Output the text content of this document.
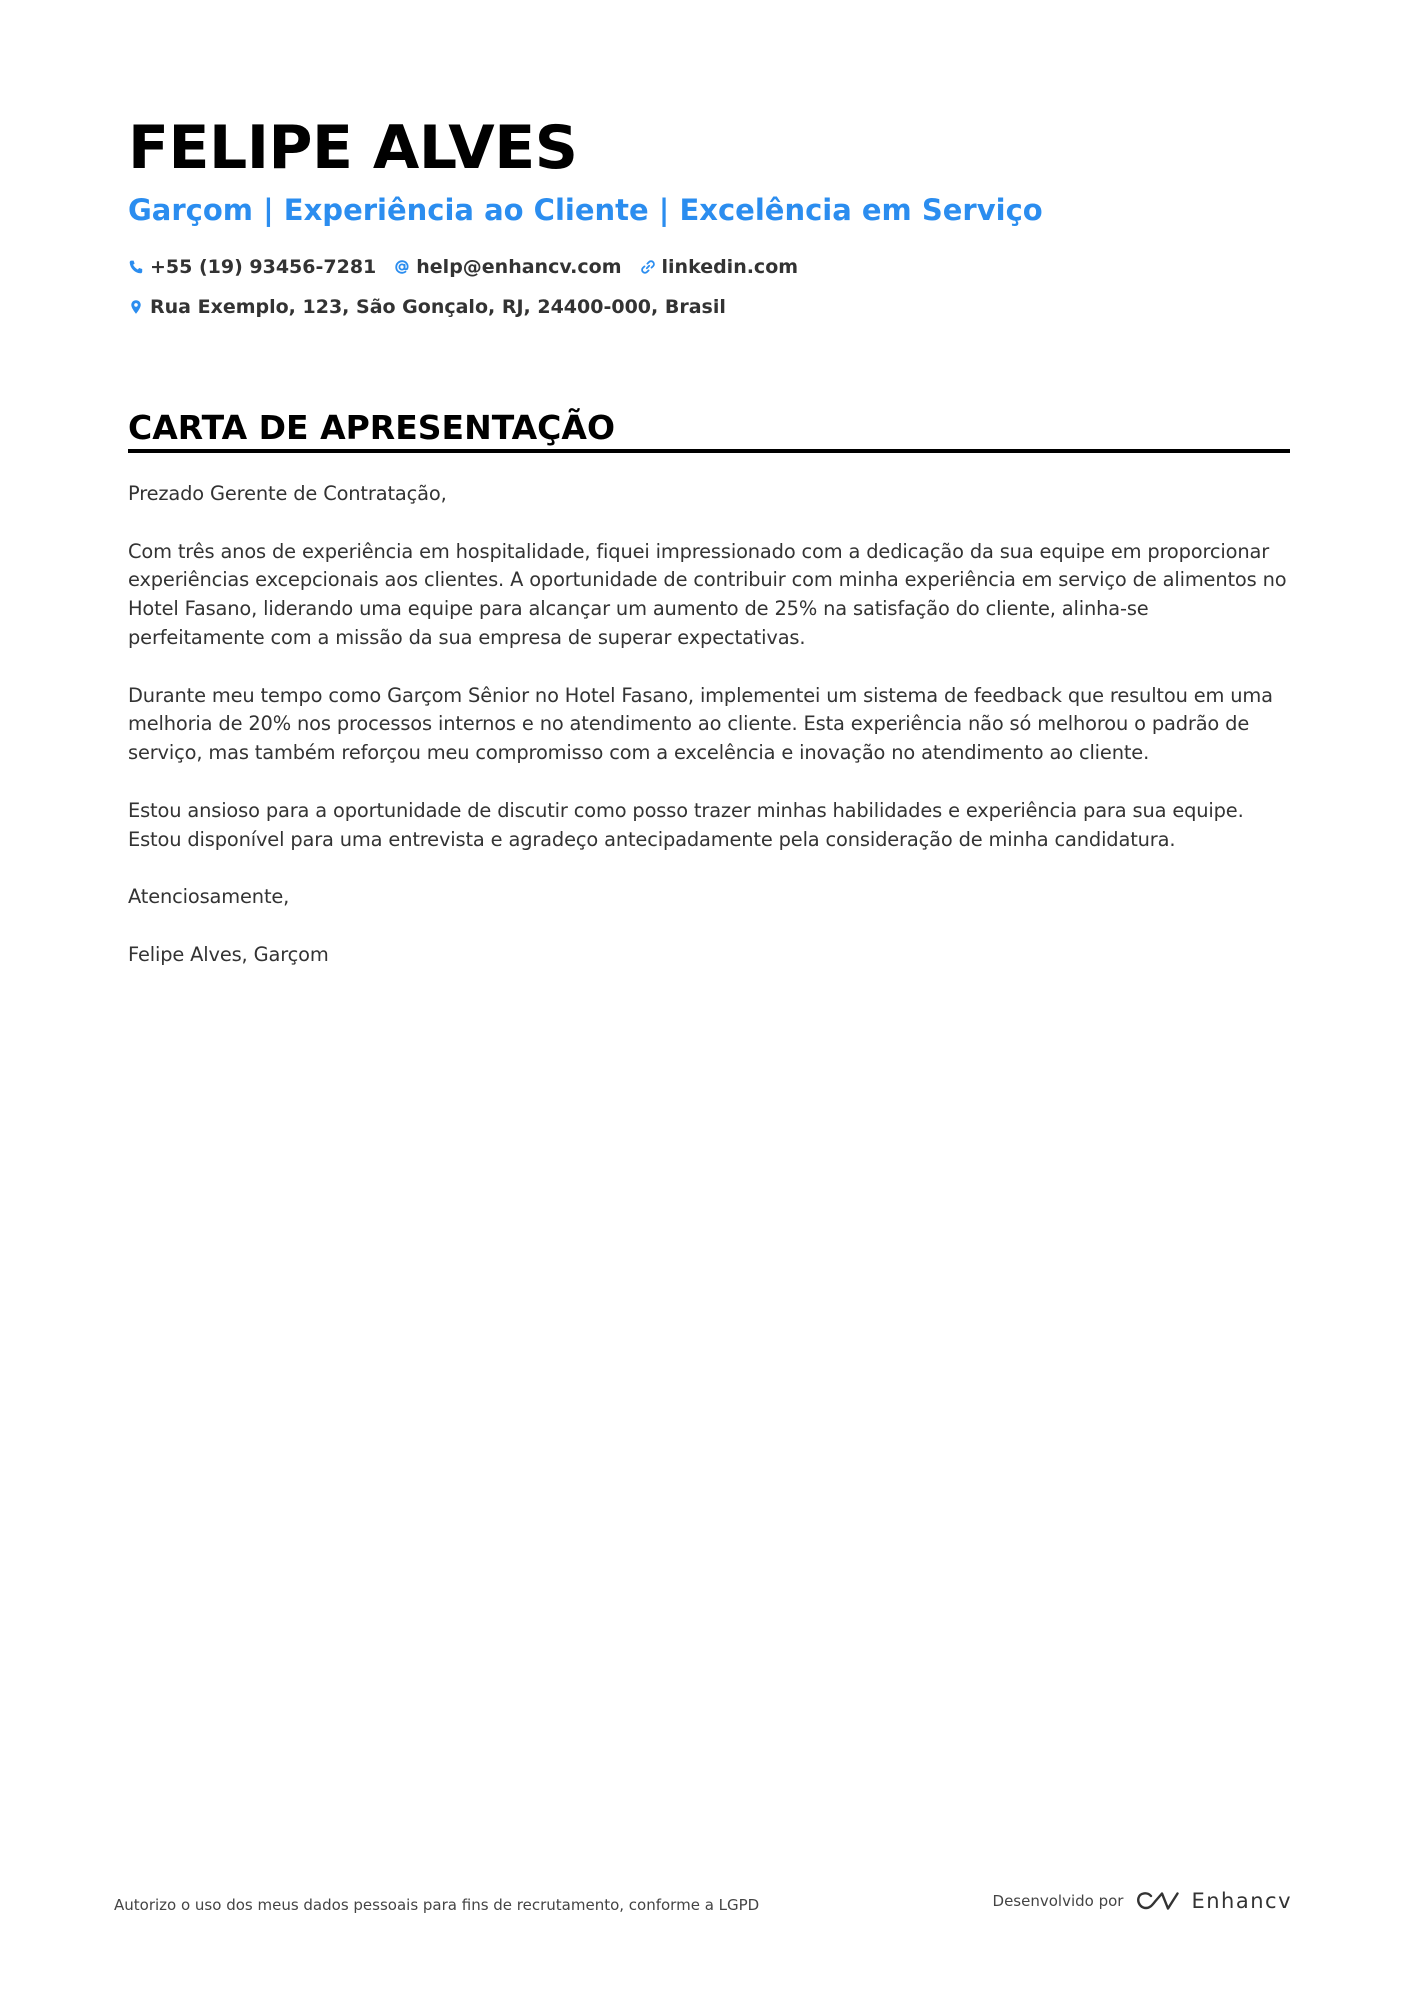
FELIPE ALVES
Garçom | Experiência ao Cliente | Excelência em Serviço
+55 (19) 93456-7281 help@enhancv.com linkedin.com
Rua Exemplo, 123, São Gonçalo, RJ, 24400-000, Brasil
CARTA DE APRESENTAÇÃO

Prezado Gerente de Contratação,

Com três anos de experiência em hospitalidade, fiquei impressionado com a dedicação da sua equipe em proporcionar experiências excepcionais aos clientes. A oportunidade de contribuir com minha experiência em serviço de alimentos no Hotel Fasano, liderando uma equipe para alcançar um aumento de 25% na satisfação do cliente, alinha-se perfeitamente com a missão da sua empresa de superar expectativas.

Durante meu tempo como Garçom Sênior no Hotel Fasano, implementei um sistema de feedback que resultou em uma melhoria de 20% nos processos internos e no atendimento ao cliente. Esta experiência não só melhorou o padrão de serviço, mas também reforçou meu compromisso com a excelência e inovação no atendimento ao cliente.

Estou ansioso para a oportunidade de discutir como posso trazer minhas habilidades e experiência para sua equipe. Estou disponível para uma entrevista e agradeço antecipadamente pela consideração de minha candidatura.

Atenciosamente,

Felipe Alves, Garçom

Autorizo o uso dos meus dados pessoais para fins de recrutamento, conforme a LGPD	Desenvolvido por	Enhancv
